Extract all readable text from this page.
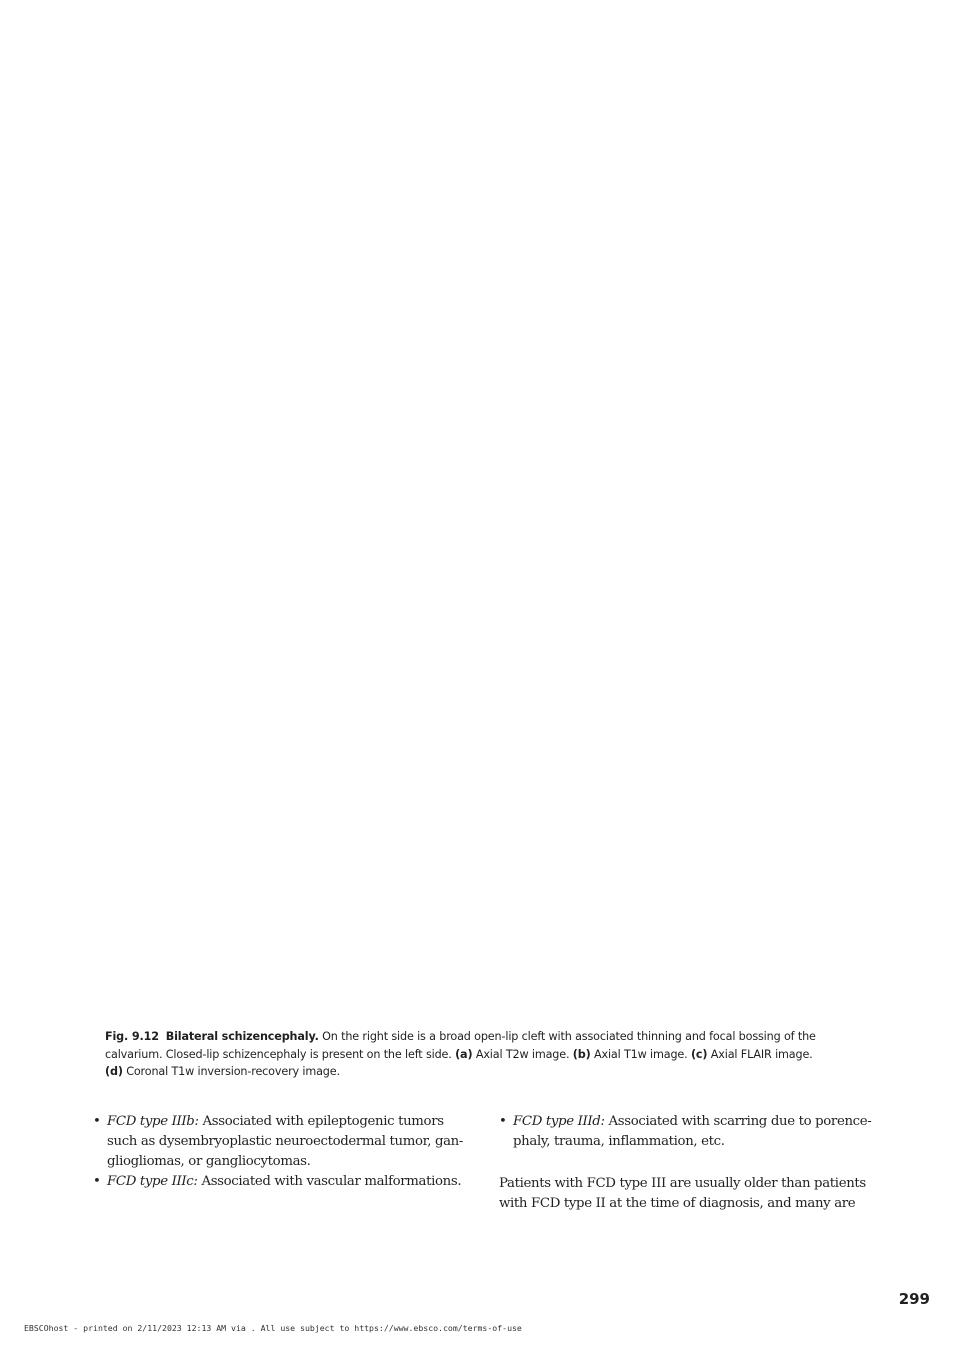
Fig. 9.12 Bilateral schizencephaly. On the right side is a broad open-lip cleft with associated thinning and focal bossing of the
calvarium. Closed-lip schizencephaly is present on the left side. (a) Axial T2w image. (b) Axial T1w image. (c) Axial FLAIR image.
(d) Coronal T1w inversion-recovery image.
• FCD type IIIb: Associated with epileptogenic tumors
such as dysembryoplastic neuroectodermal tumor, gan-
gliogliomas, or gangliocytomas.
• FCD type IIIc: Associated with vascular malformations.
• FCD type IIId: Associated with scarring due to porence-
phaly, trauma, inflammation, etc.
Patients with FCD type III are usually older than patients
with FCD type II at the time of diagnosis, and many are
299
EBSCOhost - printed on 2/11/2023 12:13 AM via . All use subject to https://www.ebsco.com/terms-of-use
